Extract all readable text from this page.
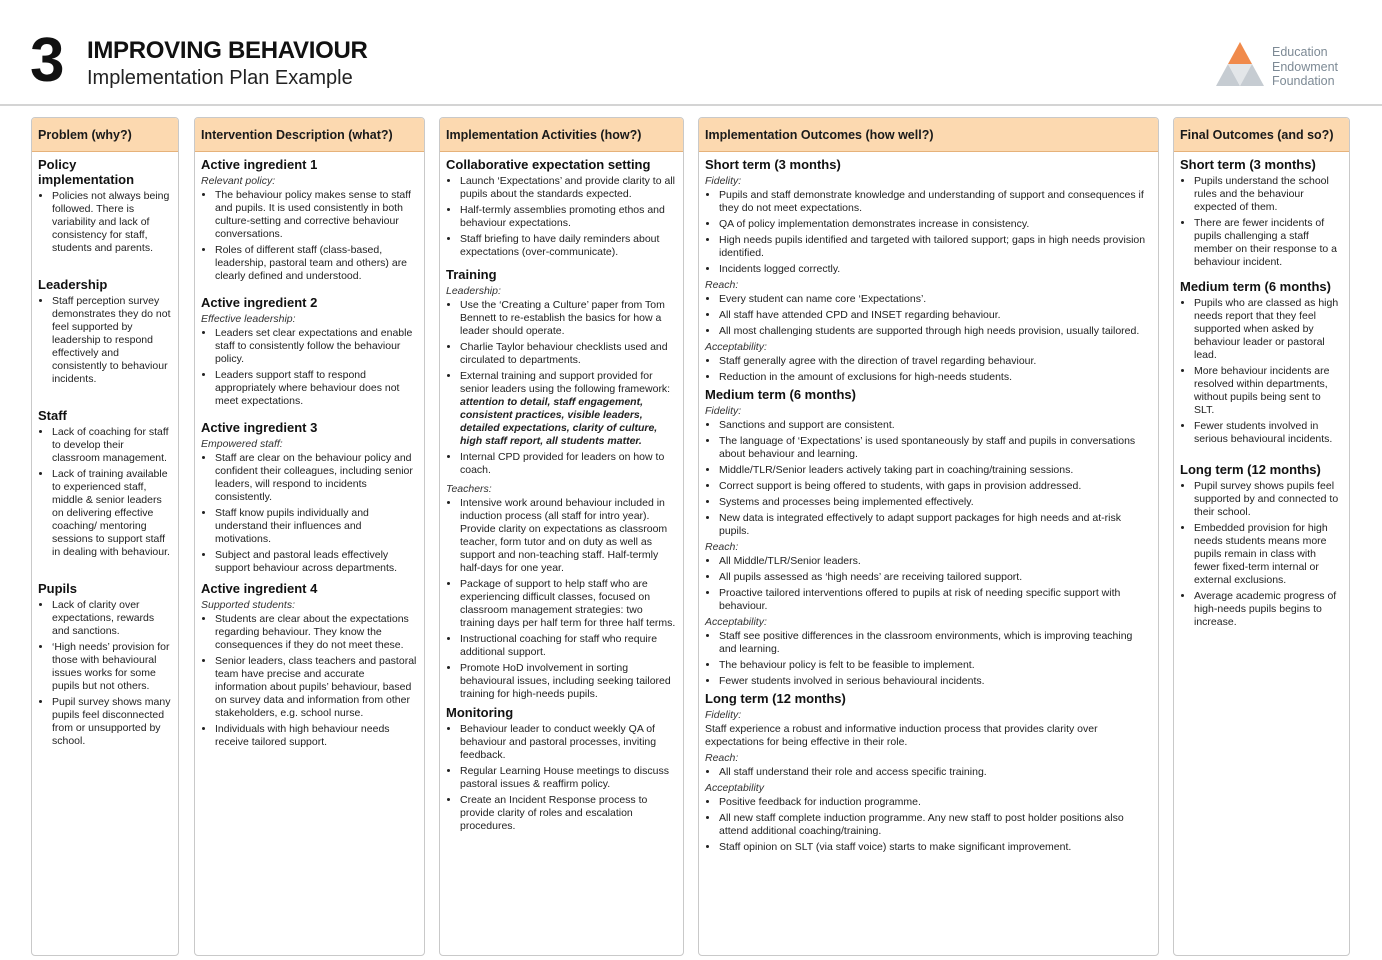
3 IMPROVING BEHAVIOUR
Implementation Plan Example
Education
Endowment
Foundation
Problem (why?)
Policy implementation
• Policies not always being followed. There is variability and lack of consistency for staff, students and parents.
Leadership
• Staff perception survey demonstrates they do not feel supported by leadership to respond effectively and consistently to behaviour incidents.
Staff
• Lack of coaching for staff to develop their classroom management.
• Lack of training available to experienced staff, middle & senior leaders on delivering effective coaching/ mentoring sessions to support staff in dealing with behaviour.
Pupils
• Lack of clarity over expectations, rewards and sanctions.
• ‘High needs’ provision for those with behavioural issues works for some pupils but not others.
• Pupil survey shows many pupils feel disconnected from or unsupported by school.
Intervention Description (what?)
Active ingredient 1
Relevant policy:
• The behaviour policy makes sense to staff and pupils. It is used consistently in both culture-setting and corrective behaviour conversations.
• Roles of different staff (class-based, leadership, pastoral team and others) are clearly defined and understood.
Active ingredient 2
Effective leadership:
• Leaders set clear expectations and enable staff to consistently follow the behaviour policy.
• Leaders support staff to respond appropriately where behaviour does not meet expectations.
Active ingredient 3
Empowered staff:
• Staff are clear on the behaviour policy and confident their colleagues, including senior leaders, will respond to incidents consistently.
• Staff know pupils individually and understand their influences and motivations.
• Subject and pastoral leads effectively support behaviour across departments.
Active ingredient 4
Supported students:
• Students are clear about the expectations regarding behaviour. They know the consequences if they do not meet these.
• Senior leaders, class teachers and pastoral team have precise and accurate information about pupils’ behaviour, based on survey data and information from other stakeholders, e.g. school nurse.
• Individuals with high behaviour needs receive tailored support.
Implementation Activities (how?)
Collaborative expectation setting
• Launch ‘Expectations’ and provide clarity to all pupils about the standards expected.
• Half-termly assemblies promoting ethos and behaviour expectations.
• Staff briefing to have daily reminders about expectations (over-communicate).
Training
Leadership:
• Use the ‘Creating a Culture’ paper from Tom Bennett to re-establish the basics for how a leader should operate.
• Charlie Taylor behaviour checklists used and circulated to departments.
• External training and support provided for senior leaders using the following framework: attention to detail, staff engagement, consistent practices, visible leaders, detailed expectations, clarity of culture, high staff report, all students matter.
• Internal CPD provided for leaders on how to coach.
Teachers:
• Intensive work around behaviour included in induction process (all staff for intro year). Provide clarity on expectations as classroom teacher, form tutor and on duty as well as support and non-teaching staff. Half-termly half-days for one year.
• Package of support to help staff who are experiencing difficult classes, focused on classroom management strategies: two training days per half term for three half terms.
• Instructional coaching for staff who require additional support.
• Promote HoD involvement in sorting behavioural issues, including seeking tailored training for high-needs pupils.
Monitoring
• Behaviour leader to conduct weekly QA of behaviour and pastoral processes, inviting feedback.
• Regular Learning House meetings to discuss pastoral issues & reaffirm policy.
• Create an Incident Response process to provide clarity of roles and escalation procedures.
Implementation Outcomes (how well?)
Short term (3 months)
Fidelity:
• Pupils and staff demonstrate knowledge and understanding of support and consequences if they do not meet expectations.
• QA of policy implementation demonstrates increase in consistency.
• High needs pupils identified and targeted with tailored support; gaps in high needs provision identified.
• Incidents logged correctly.
Reach:
• Every student can name core ‘Expectations’.
• All staff have attended CPD and INSET regarding behaviour.
• All most challenging students are supported through high needs provision, usually tailored.
Acceptability:
• Staff generally agree with the direction of travel regarding behaviour.
• Reduction in the amount of exclusions for high-needs students.
Medium term (6 months)
Fidelity:
• Sanctions and support are consistent.
• The language of ‘Expectations’ is used spontaneously by staff and pupils in conversations about behaviour and learning.
• Middle/TLR/Senior leaders actively taking part in coaching/training sessions.
• Correct support is being offered to students, with gaps in provision addressed.
• Systems and processes being implemented effectively.
• New data is integrated effectively to adapt support packages for high needs and at-risk pupils.
Reach:
• All Middle/TLR/Senior leaders.
• All pupils assessed as ‘high needs’ are receiving tailored support.
• Proactive tailored interventions offered to pupils at risk of needing specific support with behaviour.
Acceptability:
• Staff see positive differences in the classroom environments, which is improving teaching and learning.
• The behaviour policy is felt to be feasible to implement.
• Fewer students involved in serious behavioural incidents.
Long term (12 months)
Fidelity:
Staff experience a robust and informative induction process that provides clarity over expectations for being effective in their role.
Reach:
• All staff understand their role and access specific training.
Acceptability
• Positive feedback for induction programme.
• All new staff complete induction programme. Any new staff to post holder positions also attend additional coaching/training.
• Staff opinion on SLT (via staff voice) starts to make significant improvement.
Final Outcomes (and so?)
Short term (3 months)
• Pupils understand the school rules and the behaviour expected of them.
• There are fewer incidents of pupils challenging a staff member on their response to a behaviour incident.
Medium term (6 months)
• Pupils who are classed as high needs report that they feel supported when asked by behaviour leader or pastoral lead.
• More behaviour incidents are resolved within departments, without pupils being sent to SLT.
• Fewer students involved in serious behavioural incidents.
Long term (12 months)
• Pupil survey shows pupils feel supported by and connected to their school.
• Embedded provision for high needs students means more pupils remain in class with fewer fixed-term internal or external exclusions.
• Average academic progress of high-needs pupils begins to increase.
